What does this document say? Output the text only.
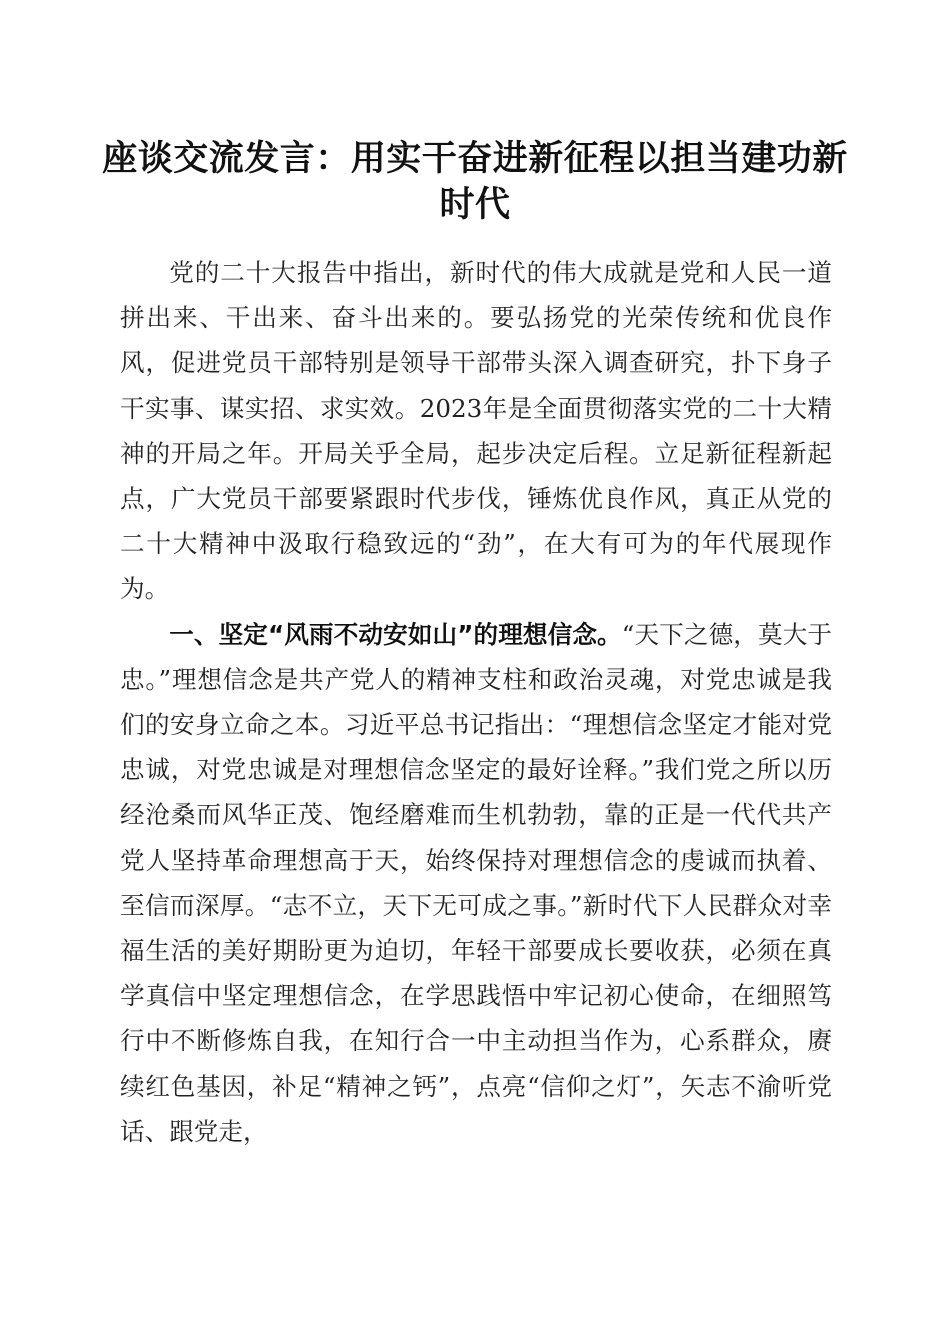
座谈交流发言：用实干奋进新征程以担当建功新时代

党的二十大报告中指出，新时代的伟大成就是党和人民一道拼出来、干出来、奋斗出来的。要弘扬党的光荣传统和优良作风，促进党员干部特别是领导干部带头深入调查研究，扑下身子干实事、谋实招、求实效。2023年是全面贯彻落实党的二十大精神的开局之年。开局关乎全局，起步决定后程。立足新征程新起点，广大党员干部要紧跟时代步伐，锤炼优良作风，真正从党的二十大精神中汲取行稳致远的“劲”，在大有可为的年代展现作为。

一、坚定“风雨不动安如山”的理想信念。“天下之德，莫大于忠。”理想信念是共产党人的精神支柱和政治灵魂，对党忠诚是我们的安身立命之本。习近平总书记指出：“理想信念坚定才能对党忠诚，对党忠诚是对理想信念坚定的最好诠释。”我们党之所以历经沧桑而风华正茂、饱经磨难而生机勃勃，靠的正是一代代共产党人坚持革命理想高于天，始终保持对理想信念的虔诚而执着、至信而深厚。“志不立，天下无可成之事。”新时代下人民群众对幸福生活的美好期盼更为迫切，年轻干部要成长要收获，必须在真学真信中坚定理想信念，在学思践悟中牢记初心使命，在细照笃行中不断修炼自我，在知行合一中主动担当作为，心系群众，赓续红色基因，补足“精神之钙”，点亮“信仰之灯”，矢志不渝听党话、跟党走，
